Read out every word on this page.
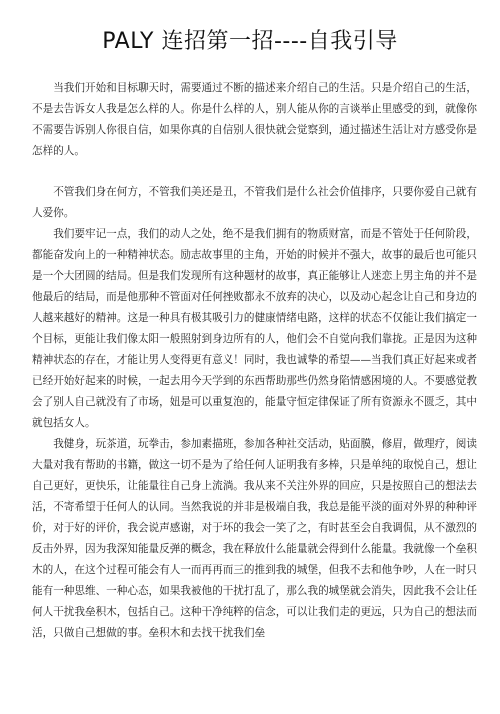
PALY 连招第一招----自我引导

当我们开始和目标聊天时，需要通过不断的描述来介绍自己的生活。只是介绍自己的生活，不是去告诉女人我是怎么样的人。你是什么样的人，别人能从你的言谈举止里感受的到，就像你不需要告诉别人你很自信，如果你真的自信别人很快就会觉察到，通过描述生活让对方感受你是怎样的人。

不管我们身在何方，不管我们美还是丑，不管我们是什么社会价值排序，只要你爱自己就有人爱你。

我们要牢记一点，我们的动人之处，绝不是我们拥有的物质财富，而是不管处于任何阶段，都能奋发向上的一种精神状态。励志故事里的主角，开始的时候并不强大，故事的最后也可能只是一个大团圆的结局。但是我们发现所有这种题材的故事，真正能够让人迷恋上男主角的并不是他最后的结局，而是他那种不管面对任何挫败都永不放弃的决心，以及动心起念让自己和身边的人越来越好的精神。这是一种具有极其吸引力的健康情绪电路，这样的状态不仅能让我们搞定一个目标，更能让我们像太阳一般照射到身边所有的人，他们会不自觉向我们靠拢。正是因为这种精神状态的存在，才能让男人变得更有意义！同时，我也诚挚的希望——当我们真正好起来或者已经开始好起来的时候，一起去用今天学到的东西帮助那些仍然身陷情感困境的人。不要感觉教会了别人自己就没有了市场，妞是可以重复泡的，能量守恒定律保证了所有资源永不匮乏，其中就包括女人。

我健身，玩茶道，玩拳击，参加素描班，参加各种社交活动，贴面膜，修眉，做理疗，阅读大量对我有帮助的书籍，做这一切不是为了给任何人证明我有多棒，只是单纯的取悦自己，想让自己更好，更快乐，让能量往自己身上流淌。我从来不关注外界的回应，只是按照自己的想法去活，不寄希望于任何人的认同。当然我说的并非是极端自我，我总是能平淡的面对外界的种种评价，对于好的评价，我会说声感谢，对于坏的我会一笑了之，有时甚至会自我调侃，从不激烈的反击外界，因为我深知能量反弹的概念，我在释放什么能量就会得到什么能量。我就像一个垒积木的人，在这个过程可能会有人一而再再而三的推到我的城堡，但我不去和他争吵，人在一时只能有一种思维、一种心态，如果我被他的干扰打乱了，那么我的城堡就会消失，因此我不会让任何人干扰我垒积木，包括自己。这种干净纯粹的信念，可以让我们走的更远，只为自己的想法而活，只做自己想做的事。垒积木和去找干扰我们垒
